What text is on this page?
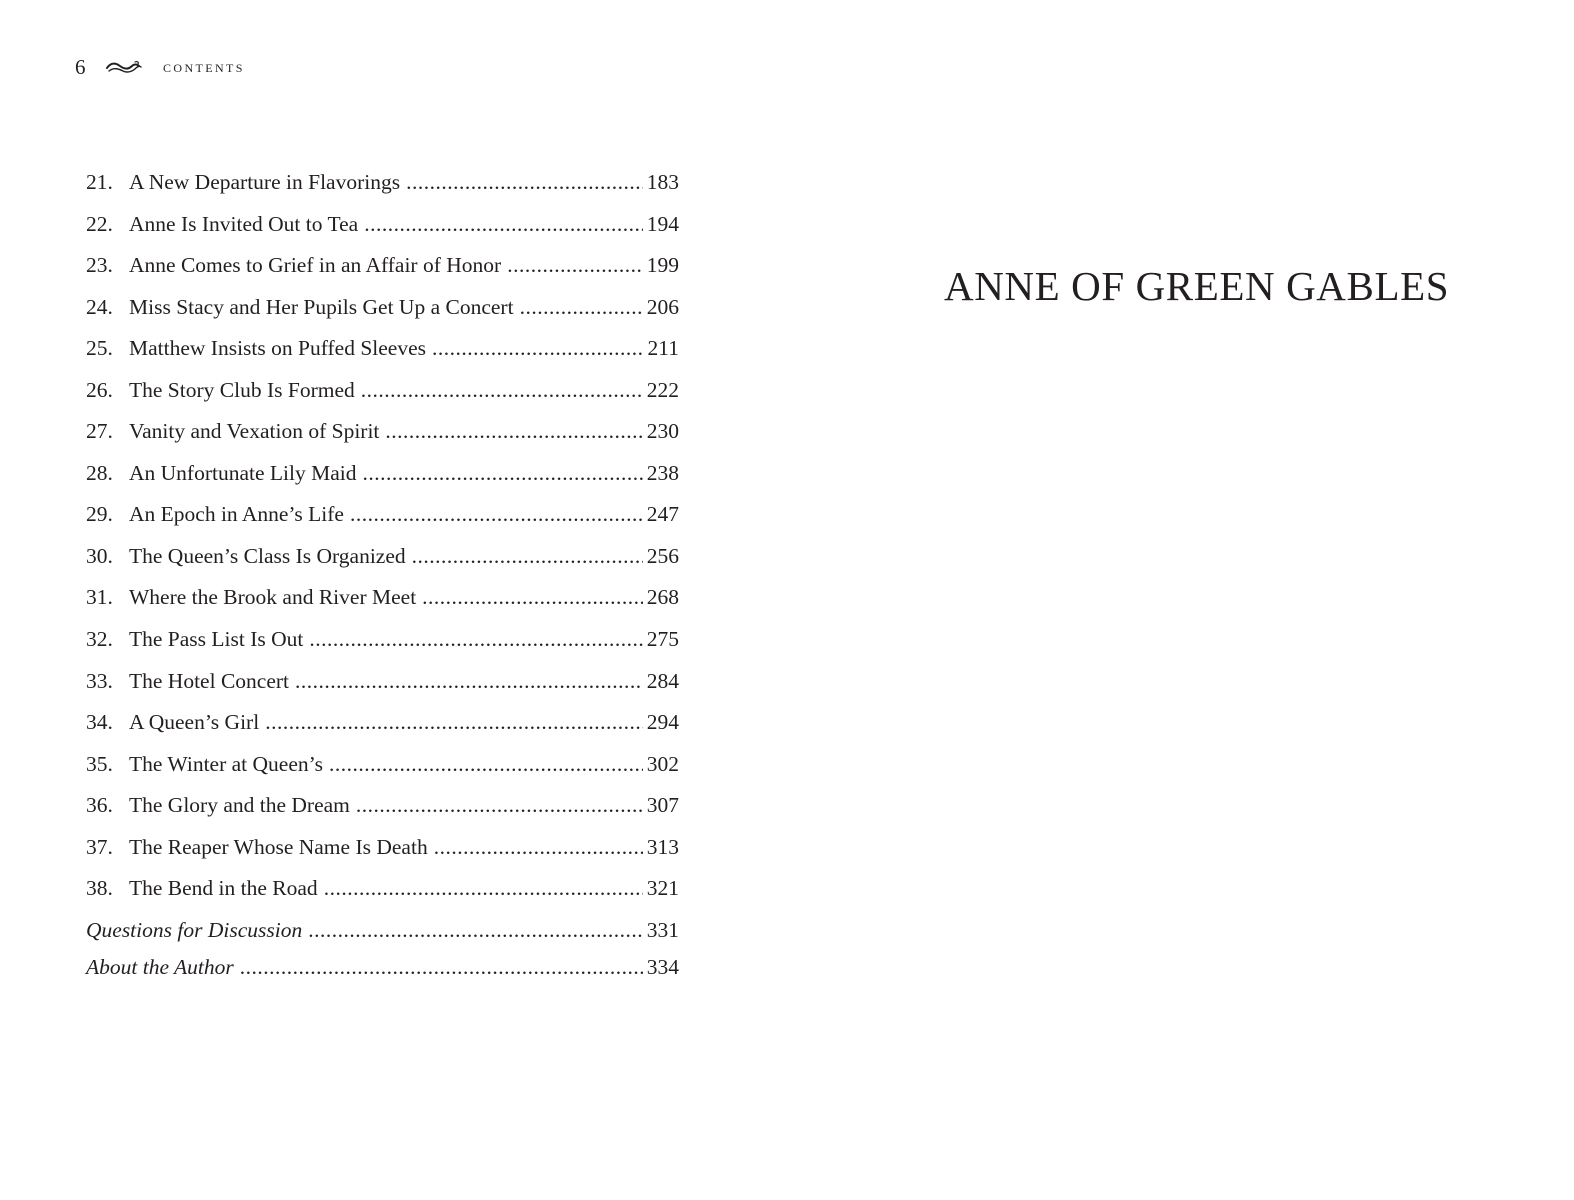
6	contents
21. A New Departure in Flavorings .....	183
22. Anne Is Invited Out to Tea .....	194
23. Anne Comes to Grief in an Affair of Honor .....	199
24. Miss Stacy and Her Pupils Get Up a Concert .....	206
25. Matthew Insists on Puffed Sleeves .....	211
26. The Story Club Is Formed .....	222
27. Vanity and Vexation of Spirit .....	230
28. An Unfortunate Lily Maid .....	238
29. An Epoch in Anne’s Life .....	247
30. The Queen’s Class Is Organized .....	256
31. Where the Brook and River Meet .....	268
32. The Pass List Is Out .....	275
33. The Hotel Concert .....	284
34. A Queen’s Girl .....	294
35. The Winter at Queen’s .....	302
36. The Glory and the Dream .....	307
37. The Reaper Whose Name Is Death .....	313
38. The Bend in the Road .....	321
Questions for Discussion .....	331
About the Author .....	334
ANNE OF GREEN GABLES
